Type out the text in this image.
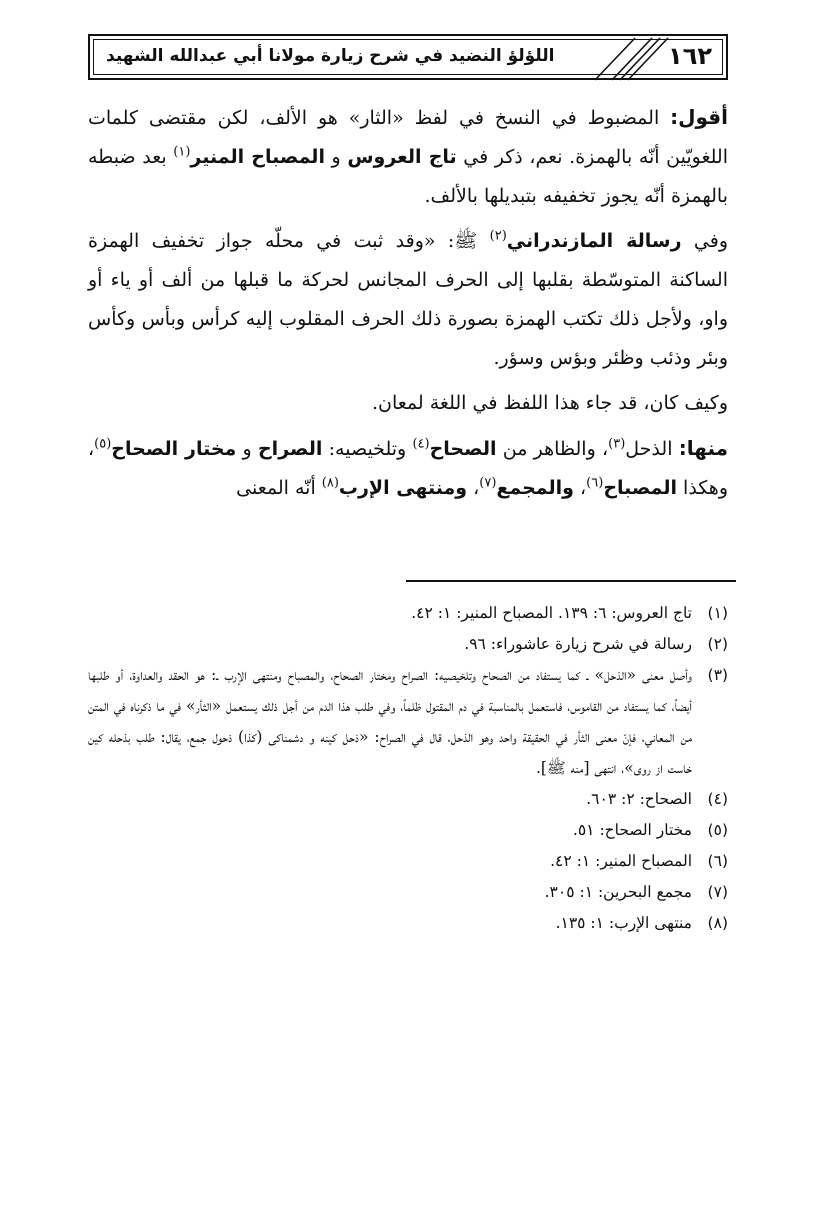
١٦٢
اللؤلؤ النضيد في شرح زيارة مولانا أبي عبدالله الشهيد

أقول: المضبوط في النسخ في لفظ «الثار» هو الألف، لكن مقتضى كلمات اللغويّين أنّه بالهمزة. نعم، ذكر في تاج العروس و المصباح المنير$^{(١)}$ بعد ضبطه بالهمزة أنّه يجوز تخفيفه بتبديلها بالألف.

وفي رسالة المازندراني$^{(٢)}$ ﷺ: «وقد ثبت في محلّه جواز تخفيف الهمزة الساكنة المتوسّطة بقلبها إلى الحرف المجانس لحركة ما قبلها من ألف أو ياء أو واو، ولأجل ذلك تكتب الهمزة بصورة ذلك الحرف المقلوب إليه كرأس وبأس وكأس وبئر وذئب وظئر وبؤس وسؤر.

وكيف كان، قد جاء هذا اللفظ في اللغة لمعان.

منها: الذحل$^{(٣)}$، والظاهر من الصحاح$^{(٤)}$ وتلخيصيه: الصراح و مختار الصحاح$^{(٥)}$، وهكذا المصباح$^{(٦)}$، والمجمع$^{(٧)}$، ومنتهى الإرب$^{(٨)}$ أنّه المعنى

(١)
تاج العروس: ٦: ١٣٩. المصباح المنير: ١: ٤٢.
(٢)
رسالة في شرح زيارة عاشوراء: ٩٦.
(٣)
وأصل معنى «الذحل» ـ كما يستفاد من الصحاح وتلخيصيه: الصراح ومختار الصحاح، والمصباح ومنتهى الإرب ـ: هو الحقد والعداوة، أو طلبها أيضاً، كما يستفاد من القاموس، فاستعمل بالمناسبة في دم المقتول ظلماً، وفي طلب هذا الدم من أجل ذلك يستعمل «الثأر» في ما ذكرناه في المتن من المعاني، فإنّ معنى الثأر في الحقيقة واحد وهو الذحل، قال في الصراح: «ذحل كينه و دشمناكى (كذا) ذحول جمع، يقال: طلب بذحله كين خاست از روى»، انتهى [منه ﷺ].
(٤)
الصحاح: ٢: ٦٠٣.
(٥)
مختار الصحاح: ٥١.
(٦)
المصباح المنير: ١: ٤٢.
(٧)
مجمع البحرين: ١: ٣٠٥.
(٨)
منتهى الإرب: ١: ١٣٥.
